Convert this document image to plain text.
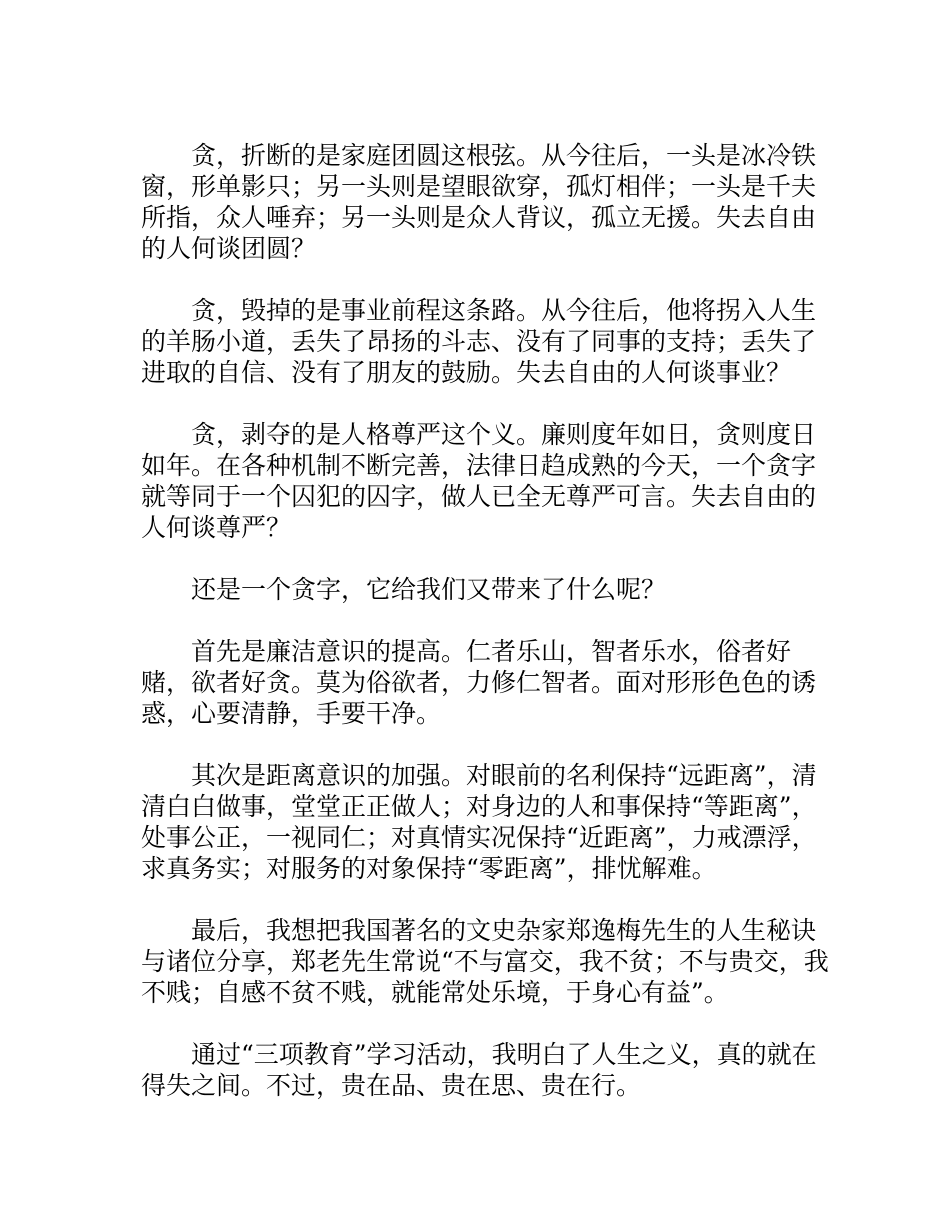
贪，折断的是家庭团圆这根弦。从今往后，一头是冰冷铁窗，形单影只；另一头则是望眼欲穿，孤灯相伴；一头是千夫所指，众人唾弃；另一头则是众人背议，孤立无援。失去自由的人何谈团圆？

贪，毁掉的是事业前程这条路。从今往后，他将拐入人生的羊肠小道，丢失了昂扬的斗志、没有了同事的支持；丢失了进取的自信、没有了朋友的鼓励。失去自由的人何谈事业？

贪，剥夺的是人格尊严这个义。廉则度年如日，贪则度日如年。在各种机制不断完善，法律日趋成熟的今天，一个贪字就等同于一个囚犯的囚字，做人已全无尊严可言。失去自由的人何谈尊严？

还是一个贪字，它给我们又带来了什么呢？

首先是廉洁意识的提高。仁者乐山，智者乐水，俗者好赌，欲者好贪。莫为俗欲者，力修仁智者。面对形形色色的诱惑，心要清静，手要干净。

其次是距离意识的加强。对眼前的名利保持“远距离”，清清白白做事，堂堂正正做人；对身边的人和事保持“等距离”，处事公正，一视同仁；对真情实况保持“近距离”，力戒漂浮，求真务实；对服务的对象保持“零距离”，排忧解难。

最后，我想把我国著名的文史杂家郑逸梅先生的人生秘诀与诸位分享，郑老先生常说“不与富交，我不贫；不与贵交，我不贱；自感不贫不贱，就能常处乐境，于身心有益”。

通过“三项教育”学习活动，我明白了人生之义，真的就在得失之间。不过，贵在品、贵在思、贵在行。
